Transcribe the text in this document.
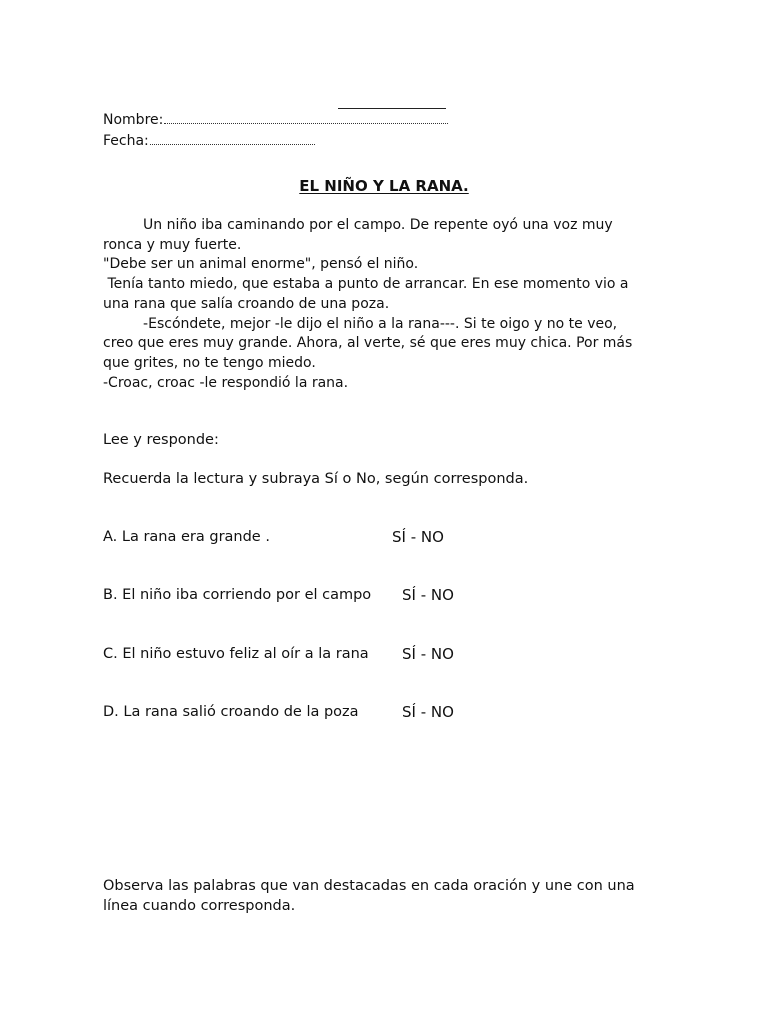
Nombre:
Fecha:
EL NIÑO Y LA RANA.

Un niño iba caminando por el campo. De repente oyó una voz muy

ronca y muy fuerte.

"Debe ser un animal enorme", pensó el niño.

Tenía tanto miedo, que estaba a punto de arrancar. En ese momento vio a

una rana que salía croando de una poza.

-Escóndete, mejor -le dijo el niño a la rana---. Si te oigo y no te veo,

creo que eres muy grande. Ahora, al verte, sé que eres muy chica. Por más

que grites, no te tengo miedo.

-Croac, croac -le respondió la rana.

Lee y responde:
Recuerda la lectura y subraya Sí o No, según corresponda.
A. La rana era grande .	SÍ - NO
B. El niño iba corriendo por el campo SÍ - NO
C. El niño estuvo feliz al oír a la rana SÍ - NO
D. La rana salió croando de la poza	SÍ - NO

Observa las palabras que van destacadas en cada oración y une con una

línea cuando corresponda.
